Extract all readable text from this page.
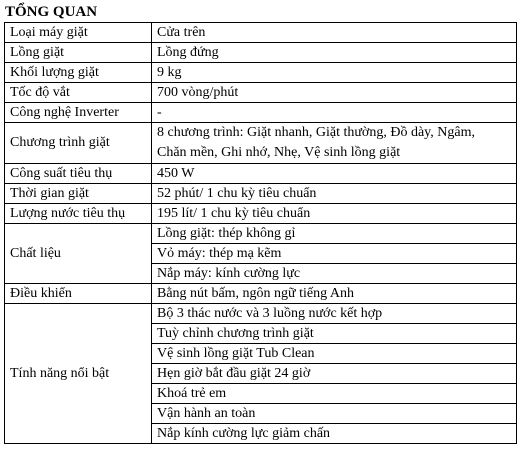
TỔNG QUAN
Loại máy giặt	Cửa trên
Lồng giặt	Lồng đứng
Khối lượng giặt	9 kg
Tốc độ vắt	700 vòng/phút
Công nghệ Inverter	-
Chương trình giặt	8 chương trình: Giặt nhanh, Giặt thường, Đồ dày, Ngâm,
Chăn mền, Ghi nhớ, Nhẹ, Vệ sinh lồng giặt

Công suất tiêu thụ	450 W
Thời gian giặt	52 phút/ 1 chu kỳ tiêu chuẩn
Lượng nước tiêu thụ	195 lít/ 1 chu kỳ tiêu chuẩn
Chất liệu	Lồng giặt: thép không gỉ
	Vỏ máy: thép mạ kẽm
	Nắp máy: kính cường lực
Điều khiển	Bằng nút bấm, ngôn ngữ tiếng Anh
Tính năng nổi bật	Bộ 3 thác nước và 3 luồng nước kết hợp
	Tuỳ chỉnh chương trình giặt
	Vệ sinh lồng giặt Tub Clean
	Hẹn giờ bắt đầu giặt 24 giờ
	Khoá trẻ em
	Vận hành an toàn
	Nắp kính cường lực giảm chấn
